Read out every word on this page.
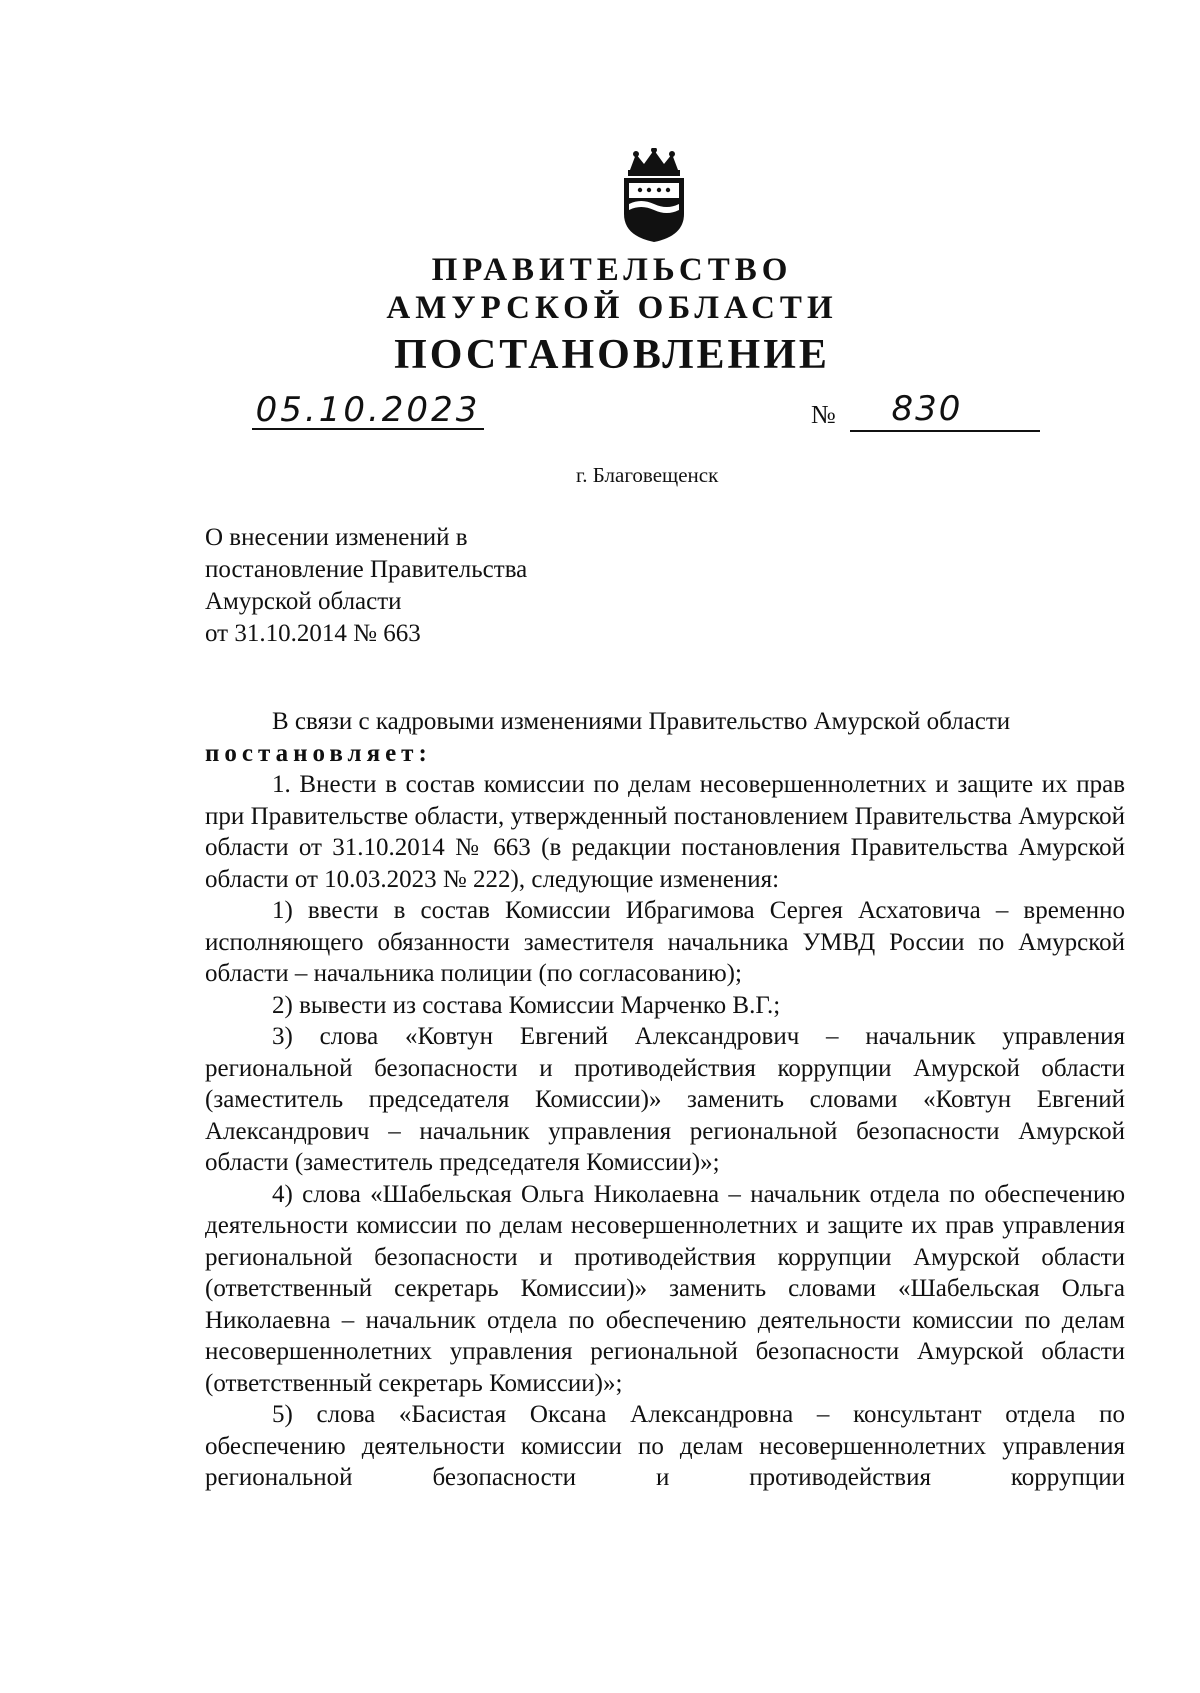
ПРАВИТЕЛЬСТВО
АМУРСКОЙ ОБЛАСТИ
ПОСТАНОВЛЕНИЕ
05.10.2023	№	830
г. Благовещенск
О внесении изменений в
постановление Правительства
Амурской области
от 31.10.2014 № 663

В связи с кадровыми изменениями Правительство Амурской области

постановляет:

1. Внести в состав комиссии по делам несовершеннолетних и защите их прав при Правительстве области, утвержденный постановлением Правительства Амурской области от 31.10.2014 № 663 (в редакции постановления Правительства Амурской области от 10.03.2023 № 222), следующие изменения:

1) ввести в состав Комиссии Ибрагимова Сергея Асхатовича – временно исполняющего обязанности заместителя начальника УМВД России по Амурской области – начальника полиции (по согласованию);

2) вывести из состава Комиссии Марченко В.Г.;

3) слова «Ковтун Евгений Александрович – начальник управления региональной безопасности и противодействия коррупции Амурской области (заместитель председателя Комиссии)» заменить словами «Ковтун Евгений Александрович – начальник управления региональной безопасности Амурской области (заместитель председателя Комиссии)»;

4) слова «Шабельская Ольга Николаевна – начальник отдела по обеспечению деятельности комиссии по делам несовершеннолетних и защите их прав управления региональной безопасности и противодействия коррупции Амурской области (ответственный секретарь Комиссии)» заменить словами «Шабельская Ольга Николаевна – начальник отдела по обеспечению деятельности комиссии по делам несовершеннолетних управления региональной безопасности Амурской области (ответственный секретарь Комиссии)»;

5) слова «Басистая Оксана Александровна – консультант отдела по обеспечению деятельности комиссии по делам несовершеннолетних управления региональной безопасности и противодействия коррупции
